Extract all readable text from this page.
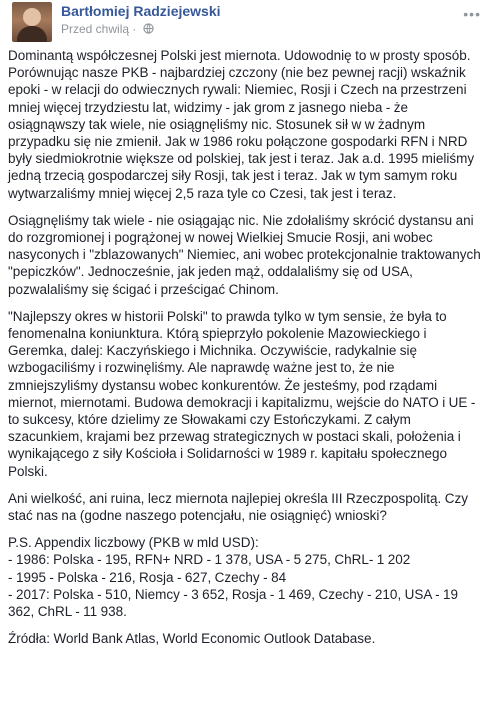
Bartłomiej Radziejewski
Przed chwilą ·
•••

Dominantą współczesnej Polski jest miernota. Udowodnię to w prosty sposób. Porównując nasze PKB - najbardziej czczony (nie bez pewnej racji) wskaźnik epoki - w relacji do odwiecznych rywali: Niemiec, Rosji i Czech na przestrzeni mniej więcej trzydziestu lat, widzimy - jak grom z jasnego nieba - że osiągnąwszy tak wiele, nie osiągnęliśmy nic. Stosunek sił w w żadnym przypadku się nie zmienił. Jak w 1986 roku połączone gospodarki RFN i NRD były siedmiokrotnie większe od polskiej, tak jest i teraz. Jak a.d. 1995 mieliśmy jedną trzecią gospodarczej siły Rosji, tak jest i teraz. Jak w tym samym roku wytwarzaliśmy mniej więcej 2,5 raza tyle co Czesi, tak jest i teraz.

Osiągnęliśmy tak wiele - nie osiągając nic. Nie zdołaliśmy skrócić dystansu ani do rozgromionej i pogrążonej w nowej Wielkiej Smucie Rosji, ani wobec nasyconych i "zblazowanych" Niemiec, ani wobec protekcjonalnie traktowanych "pepiczków". Jednocześnie, jak jeden mąż, oddalaliśmy się od USA, pozwalaliśmy się ścigać i prześcigać Chinom.

"Najlepszy okres w historii Polski" to prawda tylko w tym sensie, że była to fenomenalna koniunktura. Którą spieprzyło pokolenie Mazowieckiego i Geremka, dalej: Kaczyńskiego i Michnika. Oczywiście, radykalnie się wzbogaciliśmy i rozwinęliśmy. Ale naprawdę ważne jest to, że nie zmniejszyliśmy dystansu wobec konkurentów. Że jesteśmy, pod rządami miernot, miernotami. Budowa demokracji i kapitalizmu, wejście do NATO i UE - to sukcesy, które dzielimy ze Słowakami czy Estończykami. Z całym szacunkiem, krajami bez przewag strategicznych w postaci skali, położenia i wynikającego z siły Kościoła i Solidarności w 1989 r. kapitału społecznego Polski.

Ani wielkość, ani ruina, lecz miernota najlepiej określa III Rzeczpospolitą. Czy stać nas na (godne naszego potencjału, nie osiągnięć) wnioski?

P.S. Appendix liczbowy (PKB w mld USD):
- 1986: Polska - 195, RFN+ NRD - 1 378, USA - 5 275, ChRL- 1 202
- 1995 - Polska - 216, Rosja - 627, Czechy - 84
- 2017: Polska - 510, Niemcy - 3 652, Rosja - 1 469, Czechy - 210, USA - 19 362, ChRL - 11 938.

Źródła: World Bank Atlas, World Economic Outlook Database.
